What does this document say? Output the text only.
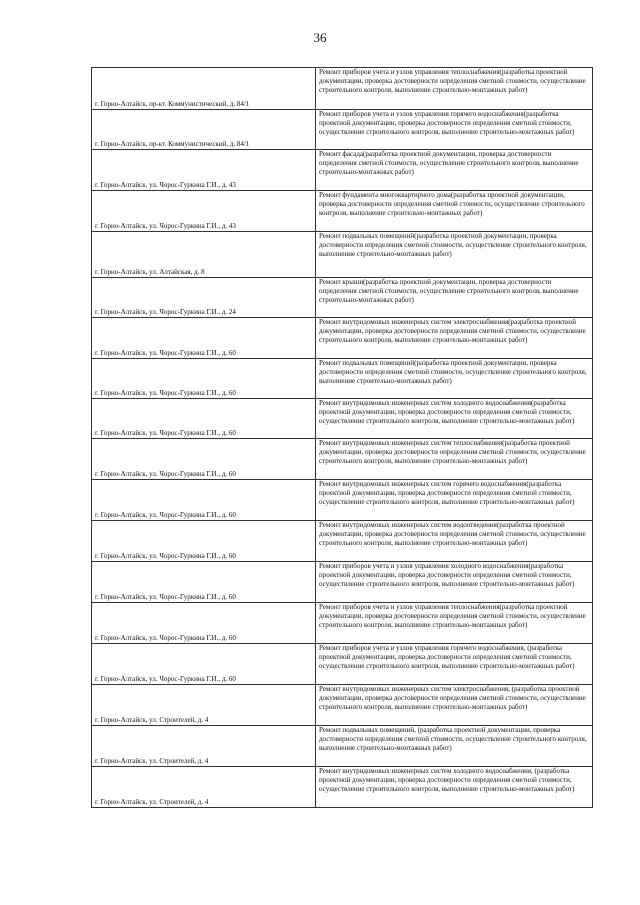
36
г. Горно-Алтайск, пр-кт. Коммунистический, д. 84/1	Ремонт приборов учета и узлов управления теплоснабжения(разработка проектной документации, проверка достоверности определения сметной стоимости, осуществление строительного контроля, выполнение строительно-монтажных работ)
г. Горно-Алтайск, пр-кт. Коммунистический, д. 84/1	Ремонт приборов учета и узлов управления горячего водоснабжения(разработка проектной документации, проверка достоверности определения сметной стоимости, осуществление строительного контроля, выполнение строительно-монтажных работ)
г. Горно-Алтайск, ул. Чорос-Гуркина Г.И., д. 43	Ремонт фасада(разработка проектной документации, проверка достоверности определения сметной стоимости, осуществление строительного контроля, выполнение строительно-монтажных работ)
г. Горно-Алтайск, ул. Чорос-Гуркина Г.И., д. 43	Ремонт фундамента многоквартирного дома(разработка проектной документации, проверка достоверности определения сметной стоимости, осуществление строительного контроля, выполнение строительно-монтажных работ)
г. Горно-Алтайск, ул. Алтайская, д. 8	Ремонт подвальных помещений(разработка проектной документации, проверка достоверности определения сметной стоимости, осуществление строительного контроля, выполнение строительно-монтажных работ)
г. Горно-Алтайск, ул. Чорос-Гуркина Г.И., д. 24	Ремонт крыши(разработка проектной документации, проверка достоверности определения сметной стоимости, осуществление строительного контроля, выполнение строительно-монтажных работ)
г. Горно-Алтайск, ул. Чорос-Гуркина Г.И., д. 60	Ремонт внутридомовых инженерных систем электроснабжения(разработка проектной документации, проверка достоверности определения сметной стоимости, осуществление строительного контроля, выполнение строительно-монтажных работ)
г. Горно-Алтайск, ул. Чорос-Гуркина Г.И., д. 60	Ремонт подвальных помещений(разработка проектной документации, проверка достоверности определения сметной стоимости, осуществление строительного контроля, выполнение строительно-монтажных работ)
г. Горно-Алтайск, ул. Чорос-Гуркина Г.И., д. 60	Ремонт внутридомовых инженерных систем холодного водоснабжения(разработка проектной документации, проверка достоверности определения сметной стоимости, осуществление строительного контроля, выполнение строительно-монтажных работ)
г. Горно-Алтайск, ул. Чорос-Гуркина Г.И., д. 60	Ремонт внутридомовых инженерных систем теплоснабжения(разработка проектной документации, проверка достоверности определения сметной стоимости, осуществление строительного контроля, выполнение строительно-монтажных работ)
г. Горно-Алтайск, ул. Чорос-Гуркина Г.И., д. 60	Ремонт внутридомовых инженерных систем горячего водоснабжения(разработка проектной документации, проверка достоверности определения сметной стоимости, осуществление строительного контроля, выполнение строительно-монтажных работ)
г. Горно-Алтайск, ул. Чорос-Гуркина Г.И., д. 60	Ремонт внутридомовых инженерных систем водоотведения(разработка проектной документации, проверка достоверности определения сметной стоимости, осуществление строительного контроля, выполнение строительно-монтажных работ)
г. Горно-Алтайск, ул. Чорос-Гуркина Г.И., д. 60	Ремонт приборов учета и узлов управления холодного водоснабжения(разработка проектной документации, проверка достоверности определения сметной стоимости, осуществление строительного контроля, выполнение строительно-монтажных работ)
г. Горно-Алтайск, ул. Чорос-Гуркина Г.И., д. 60	Ремонт приборов учета и узлов управления теплоснабжения(разработка проектной документации, проверка достоверности определения сметной стоимости, осуществление строительного контроля, выполнение строительно-монтажных работ)
г. Горно-Алтайск, ул. Чорос-Гуркина Г.И., д. 60	Ремонт приборов учета и узлов управления горячего водоснабжения, (разработка проектной документации, проверка достоверности определения сметной стоимости, осуществление строительного контроля, выполнение строительно-монтажных работ)
г. Горно-Алтайск, ул. Строителей, д. 4	Ремонт внутридомовых инженерных систем электроснабжения, (разработка проектной документации, проверка достоверности определения сметной стоимости, осуществление строительного контроля, выполнение строительно-монтажных работ)
г. Горно-Алтайск, ул. Строителей, д. 4	Ремонт подвальных помещений, (разработка проектной документации, проверка достоверности определения сметной стоимости, осуществление строительного контроля, выполнение строительно-монтажных работ)
г. Горно-Алтайск, ул. Строителей, д. 4	Ремонт внутридомовых инженерных систем холодного водоснабжения, (разработка проектной документации, проверка достоверности определения сметной стоимости, осуществление строительного контроля, выполнение строительно-монтажных работ)
